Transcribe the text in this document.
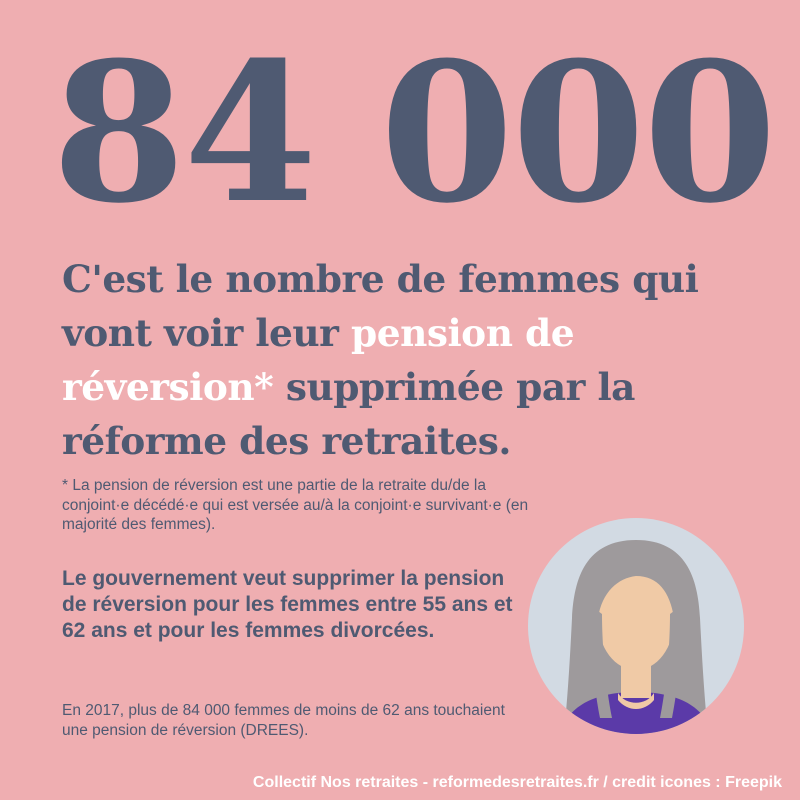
84 000
C'est le nombre de femmes qui vont voir leur pension de réversion* supprimée par la réforme des retraites.
* La pension de réversion est une partie de la retraite du/de la conjoint·e décédé·e qui est versée au/à la conjoint·e survivant·e (en majorité des femmes).
Le gouvernement veut supprimer la pension de réversion pour les femmes entre 55 ans et 62 ans et pour les femmes divorcées.
En 2017, plus de 84 000 femmes de moins de 62 ans touchaient une pension de réversion (DREES).
Collectif Nos retraites - reformedesretraites.fr / credit icones : Freepik
